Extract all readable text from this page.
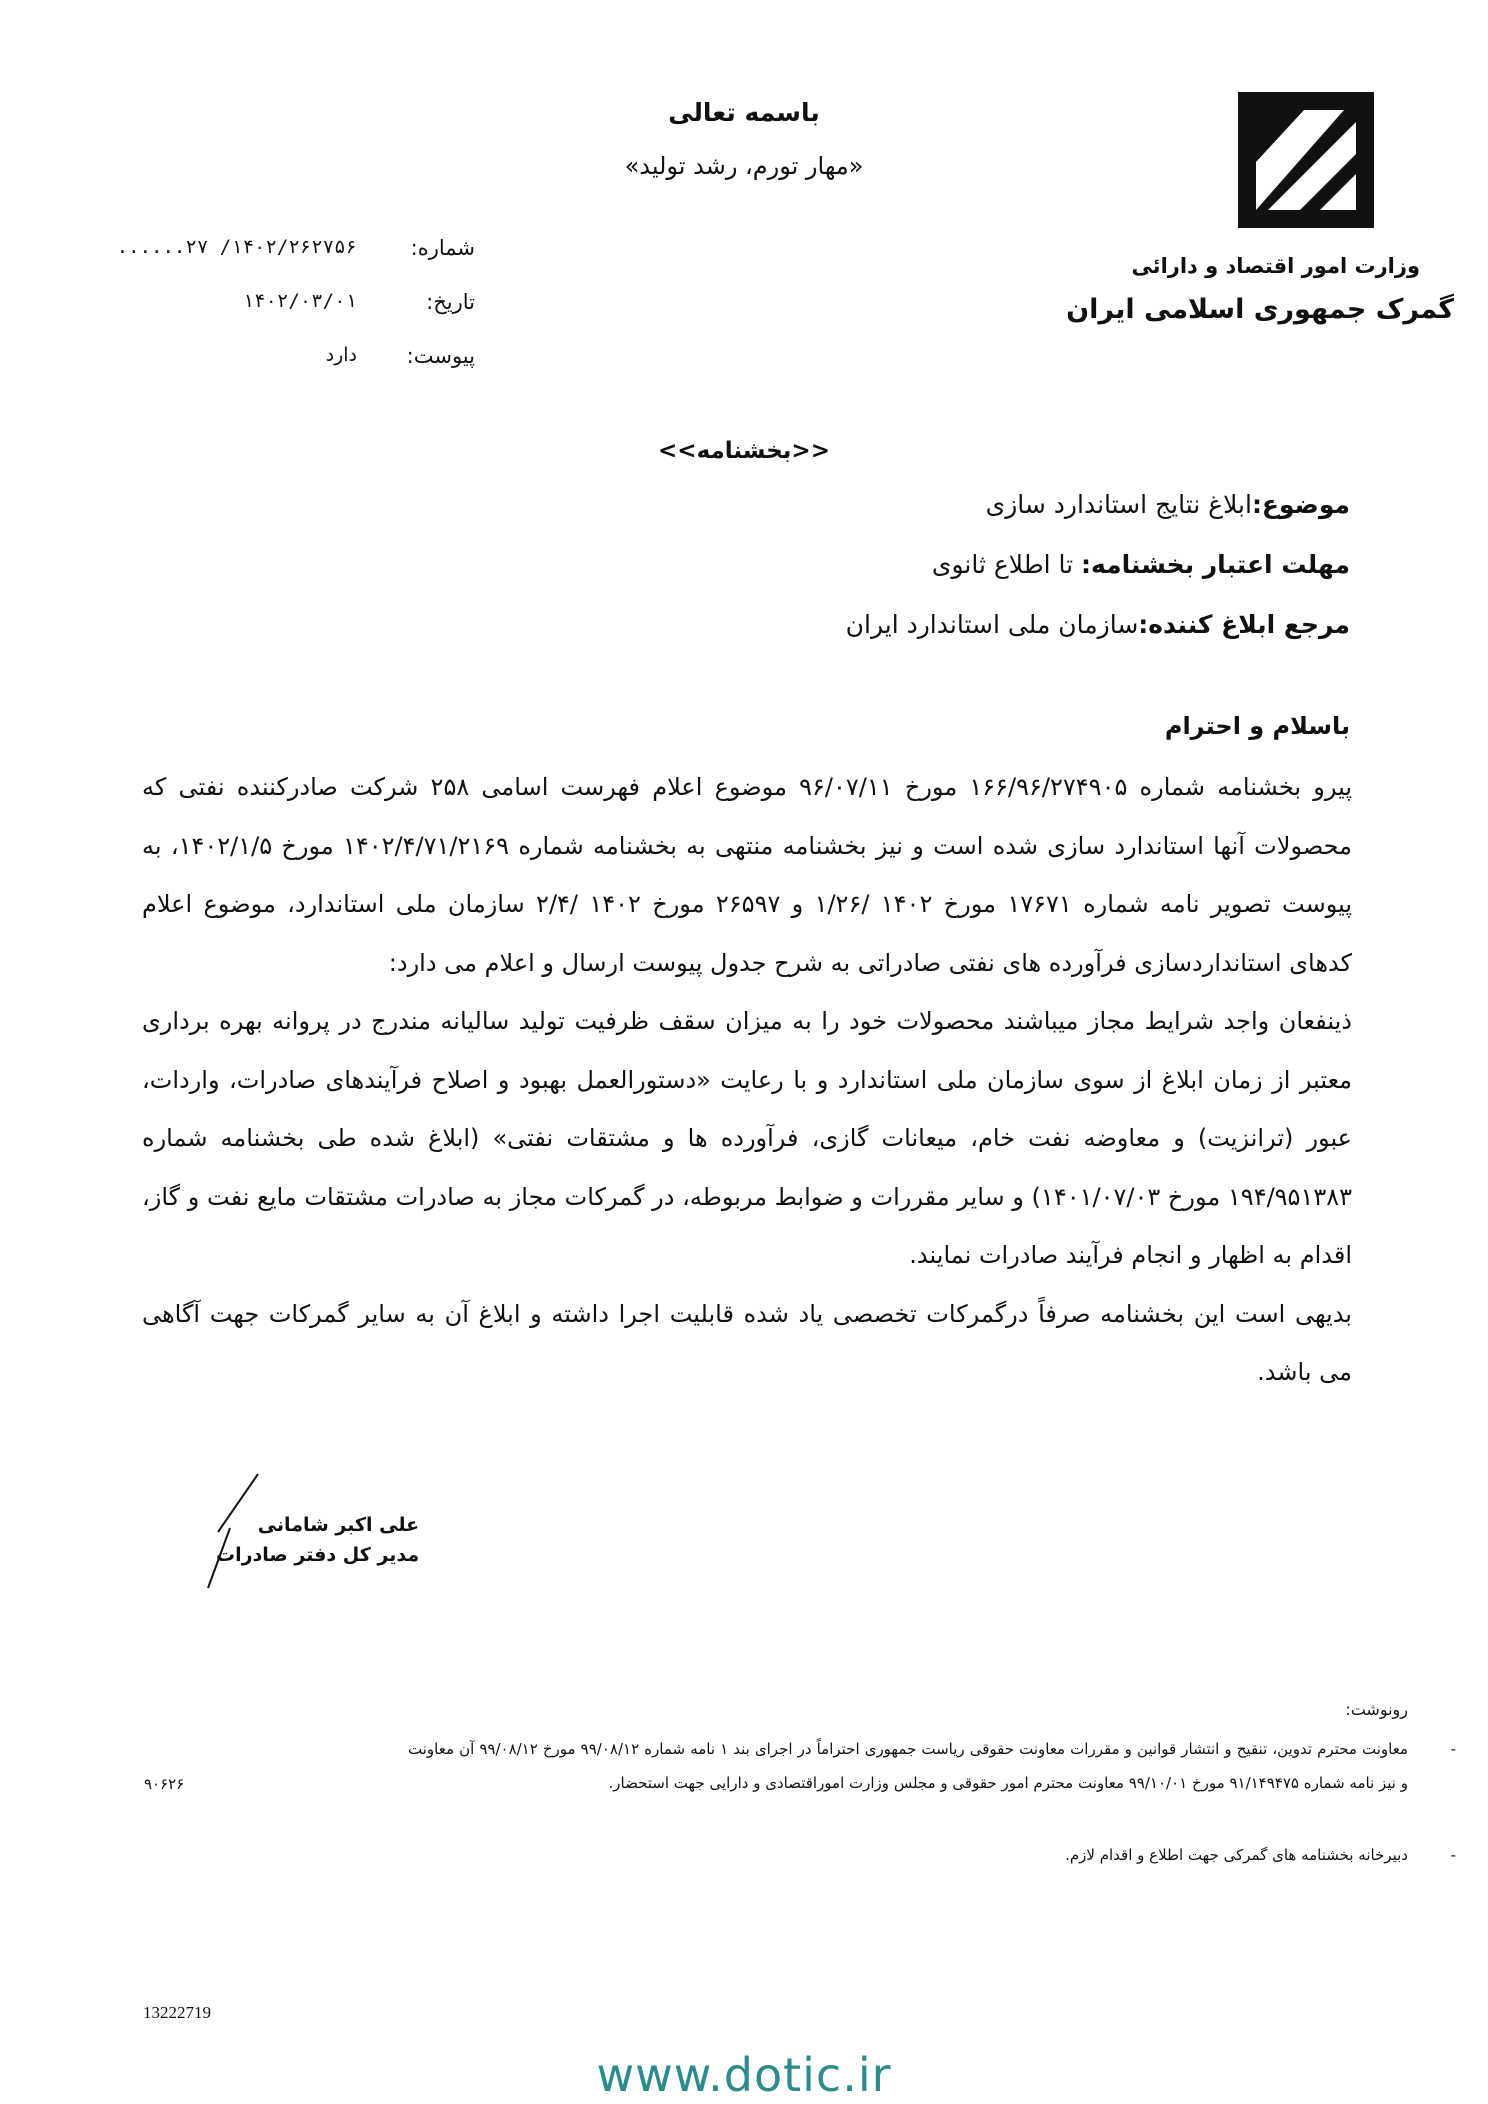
وزارت امور اقتصاد و دارائی
گمرک جمهوری اسلامی ایران
باسمه تعالی
«مهار تورم، رشد تولید»
شماره:
۱۴۰۲/۲۶۲۷۵۶/ ۲۷......
تاریخ:
۱۴۰۲/۰۳/۰۱
پیوست:
دارد
<<بخشنامه>>
موضوع:ابلاغ نتایج استاندارد سازی
مهلت اعتبار بخشنامه: تا اطلاع ثانوی
مرجع ابلاغ کننده:سازمان ملی استاندارد ایران
باسلام و احترام

پیرو بخشنامه شماره ۱۶۶/۹۶/۲۷۴۹۰۵ مورخ ۹۶/۰۷/۱۱ موضوع اعلام فهرست اسامی ۲۵۸ شرکت صادرکننده نفتی که محصولات آنها استاندارد سازی شده است و نیز بخشنامه منتهی به بخشنامه شماره ۱۴۰۲/۴/۷۱/۲۱۶۹ مورخ ۱۴۰۲/۱/۵، به پیوست تصویر نامه شماره ۱۷۶۷۱ مورخ ۱۴۰۲ /۱/۲۶ و ۲۶۵۹۷ مورخ ۱۴۰۲ /۲/۴ سازمان ملی استاندارد، موضوع اعلام کدهای استانداردسازی فرآورده های نفتی صادراتی به شرح جدول پیوست ارسال و اعلام می دارد:

ذینفعان واجد شرایط مجاز میباشند محصولات خود را به میزان سقف ظرفیت تولید سالیانه مندرج در پروانه بهره برداری معتبر از زمان ابلاغ از سوی سازمان ملی استاندارد و با رعایت «دستورالعمل بهبود و اصلاح فرآیندهای صادرات، واردات، عبور (ترانزیت) و معاوضه نفت خام، میعانات گازی، فرآورده ها و مشتقات نفتی» (ابلاغ شده طی بخشنامه شماره ۱۹۴/۹۵۱۳۸۳ مورخ ۱۴۰۱/۰۷/۰۳) و سایر مقررات و ضوابط مربوطه، در گمرکات مجاز به صادرات مشتقات مایع نفت و گاز، اقدام به اظهار و انجام فرآیند صادرات نمایند.

بدیهی است این بخشنامه صرفاً درگمرکات تخصصی یاد شده قابلیت اجرا داشته و ابلاغ آن به سایر گمرکات جهت آگاهی می باشد.

علی اکبر شامانی
مدیر کل دفتر صادرات
رونوشت:
-
معاونت محترم تدوین، تنقیح و انتشار قوانین و مقررات معاونت حقوقی ریاست جمهوری احتراماً در اجرای بند ۱ نامه شماره ۹۹/۰۸/۱۲ مورخ ۹۹/۰۸/۱۲ آن معاونت و نیز نامه شماره ۹۱/۱۴۹۴۷۵ مورخ ۹۹/۱۰/۰۱ معاونت محترم امور حقوقی و مجلس وزارت اموراقتصادی و دارایی جهت استحضار.
-
دبیرخانه بخشنامه های گمرکی جهت اطلاع و اقدام لازم.
۹۰۶۲۶
13222719
www.dotic.ir
